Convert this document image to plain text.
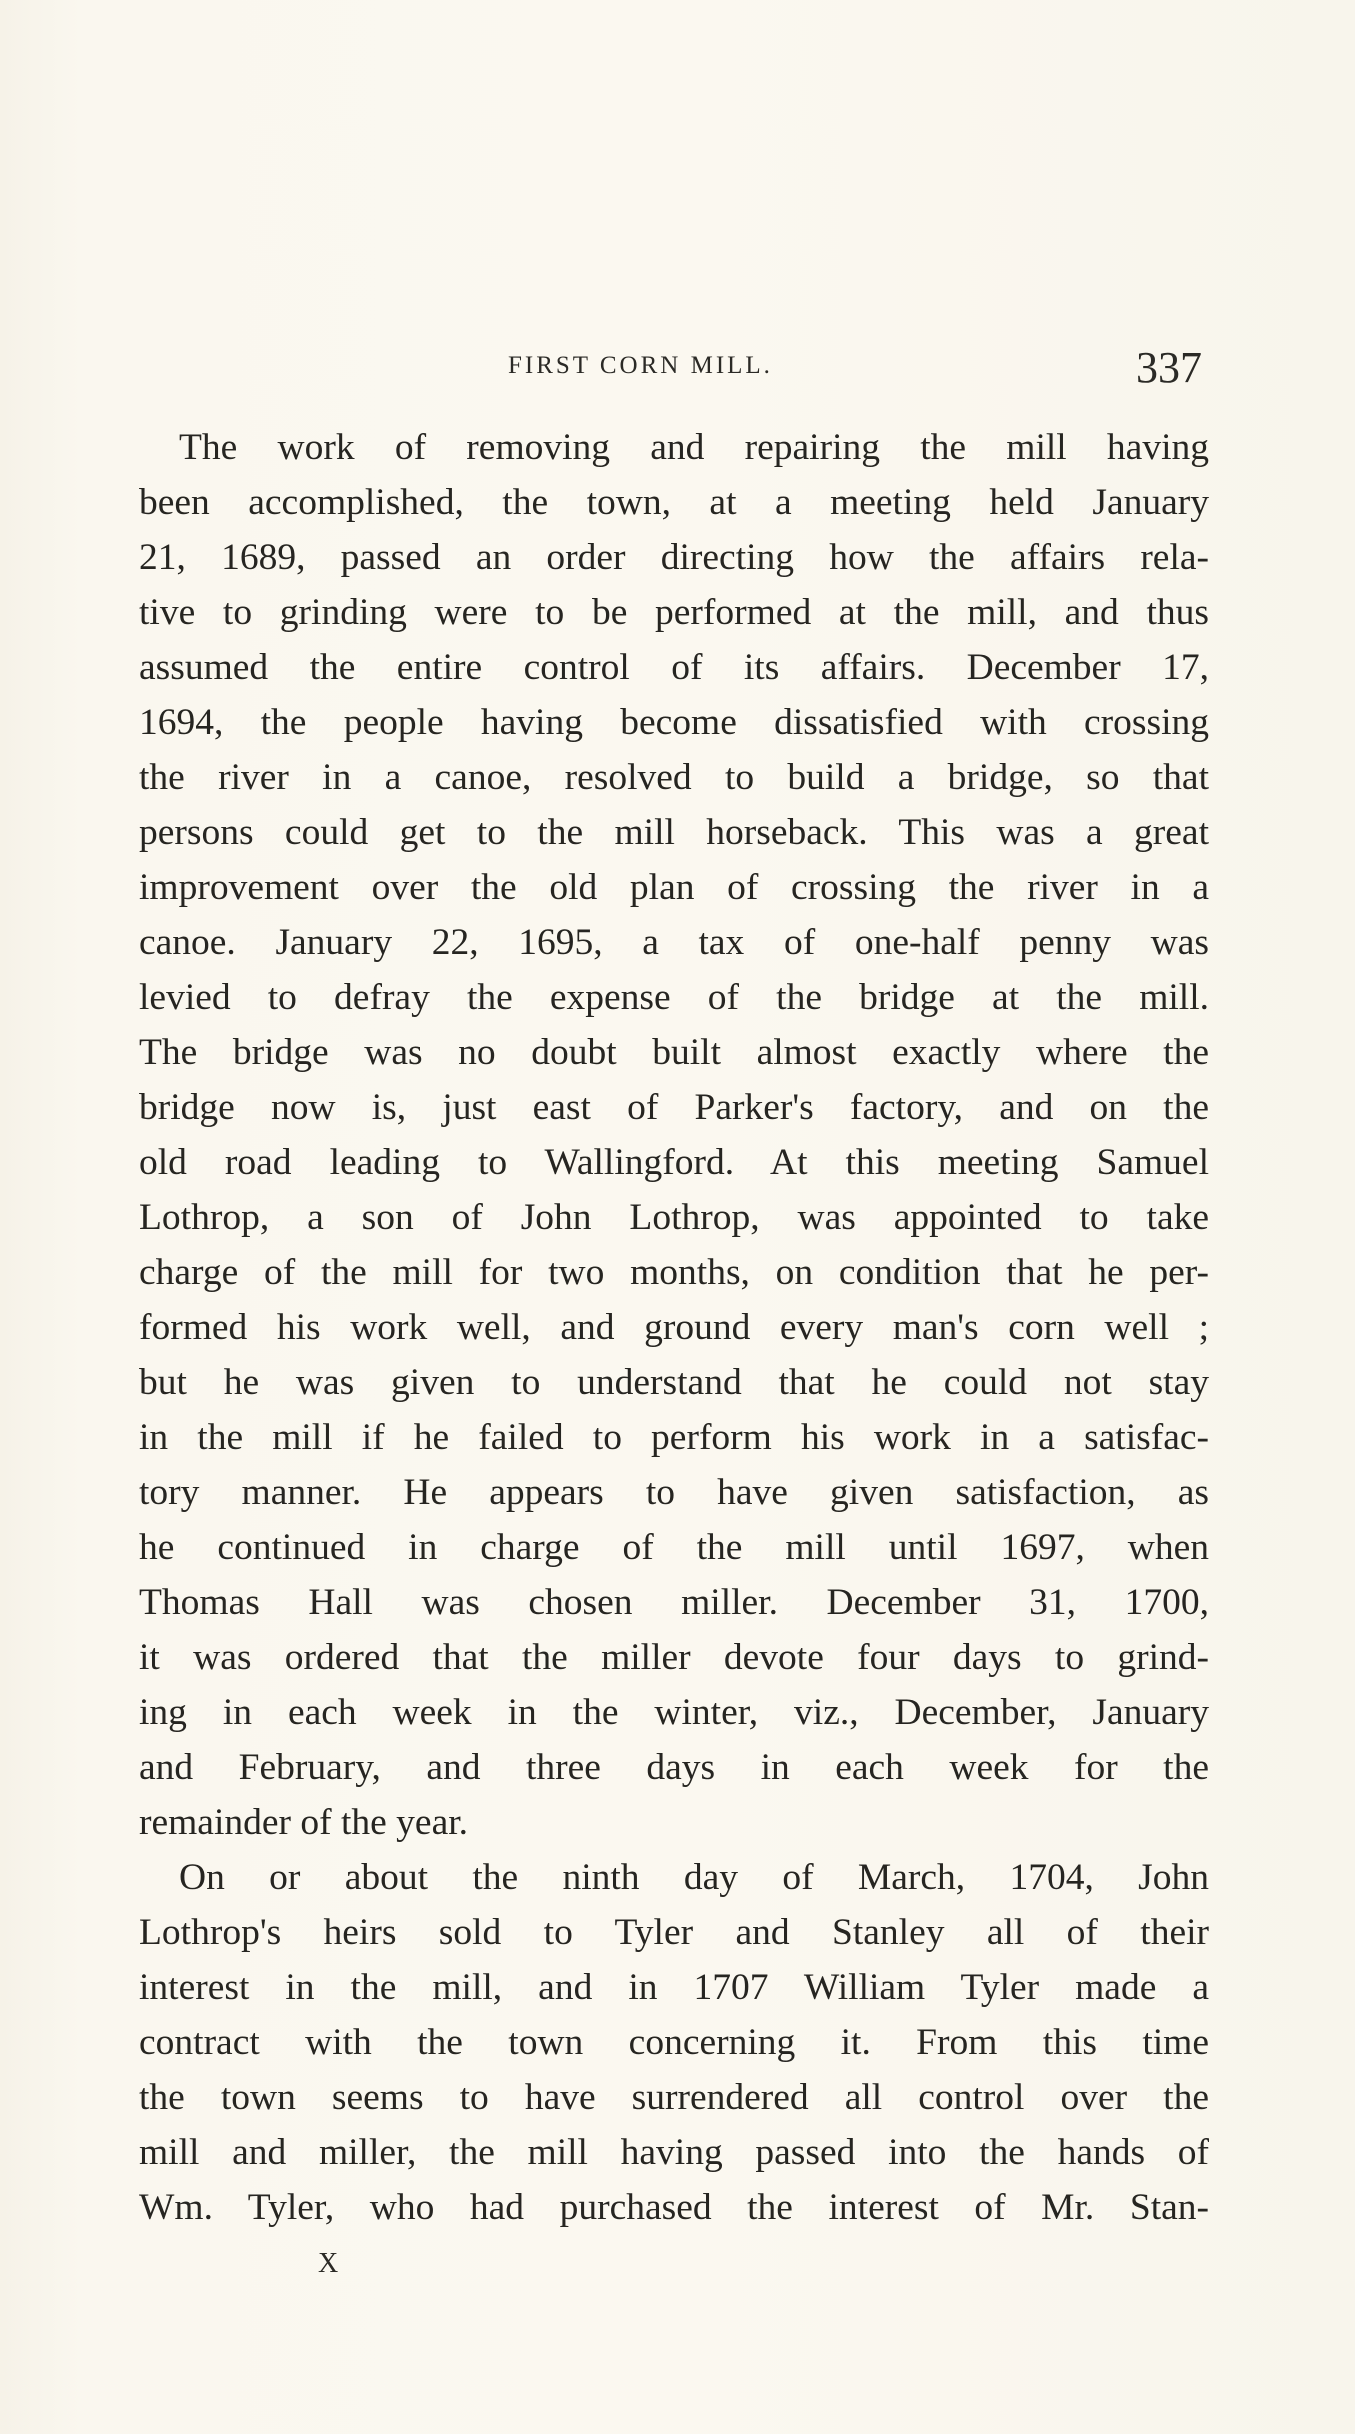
FIRST CORN MILL.	337
The work of removing and repairing the mill having
been accomplished, the town, at a meeting held January
21, 1689, passed an order directing how the affairs rela-
tive to grinding were to be performed at the mill, and thus
assumed the entire control of its affairs. December 17,
1694, the people having become dissatisfied with crossing
the river in a canoe, resolved to build a bridge, so that
persons could get to the mill horseback. This was a great
improvement over the old plan of crossing the river in a
canoe. January 22, 1695, a tax of one-half penny was
levied to defray the expense of the bridge at the mill.
The bridge was no doubt built almost exactly where the
bridge now is, just east of Parker's factory, and on the
old road leading to Wallingford. At this meeting Samuel
Lothrop, a son of John Lothrop, was appointed to take
charge of the mill for two months, on condition that he per-
formed his work well, and ground every man's corn well ;
but he was given to understand that he could not stay
in the mill if he failed to perform his work in a satisfac-
tory manner. He appears to have given satisfaction, as
he continued in charge of the mill until 1697, when
Thomas Hall was chosen miller. December 31, 1700,
it was ordered that the miller devote four days to grind-
ing in each week in the winter, viz., December, January
and February, and three days in each week for the
remainder of the year.
On or about the ninth day of March, 1704, John
Lothrop's heirs sold to Tyler and Stanley all of their
interest in the mill, and in 1707 William Tyler made a
contract with the town concerning it. From this time
the town seems to have surrendered all control over the
mill and miller, the mill having passed into the hands of
Wm. Tyler, who had purchased the interest of Mr. Stan-
X
